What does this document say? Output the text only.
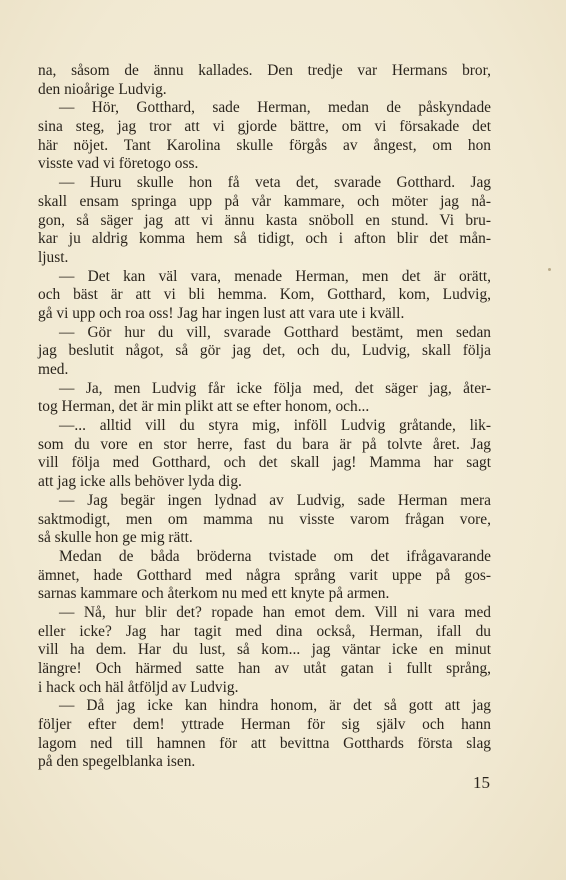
na, såsom de ännu kallades. Den tredje var Hermans bror,
den nioårige Ludvig.
— Hör, Gotthard, sade Herman, medan de påskyndade
sina steg, jag tror att vi gjorde bättre, om vi försakade det
här nöjet. Tant Karolina skulle förgås av ångest, om hon
visste vad vi företogo oss.
— Huru skulle hon få veta det, svarade Gotthard. Jag
skall ensam springa upp på vår kammare, och möter jag nå-
gon, så säger jag att vi ännu kasta snöboll en stund. Vi bru-
kar ju aldrig komma hem så tidigt, och i afton blir det mån-
ljust.
— Det kan väl vara, menade Herman, men det är orätt,
och bäst är att vi bli hemma. Kom, Gotthard, kom, Ludvig,
gå vi upp och roa oss! Jag har ingen lust att vara ute i kväll.
— Gör hur du vill, svarade Gotthard bestämt, men sedan
jag beslutit något, så gör jag det, och du, Ludvig, skall följa
med.
— Ja, men Ludvig får icke följa med, det säger jag, åter-
tog Herman, det är min plikt att se efter honom, och...
—... alltid vill du styra mig, inföll Ludvig gråtande, lik-
som du vore en stor herre, fast du bara är på tolvte året. Jag
vill följa med Gotthard, och det skall jag! Mamma har sagt
att jag icke alls behöver lyda dig.
— Jag begär ingen lydnad av Ludvig, sade Herman mera
saktmodigt, men om mamma nu visste varom frågan vore,
så skulle hon ge mig rätt.
Medan de båda bröderna tvistade om det ifrågavarande
ämnet, hade Gotthard med några språng varit uppe på gos-
sarnas kammare och återkom nu med ett knyte på armen.
— Nå, hur blir det? ropade han emot dem. Vill ni vara med
eller icke? Jag har tagit med dina också, Herman, ifall du
vill ha dem. Har du lust, så kom... jag väntar icke en minut
längre! Och härmed satte han av utåt gatan i fullt språng,
i hack och häl åtföljd av Ludvig.
— Då jag icke kan hindra honom, är det så gott att jag
följer efter dem! yttrade Herman för sig själv och hann
lagom ned till hamnen för att bevittna Gotthards första slag
på den spegelblanka isen.
15
